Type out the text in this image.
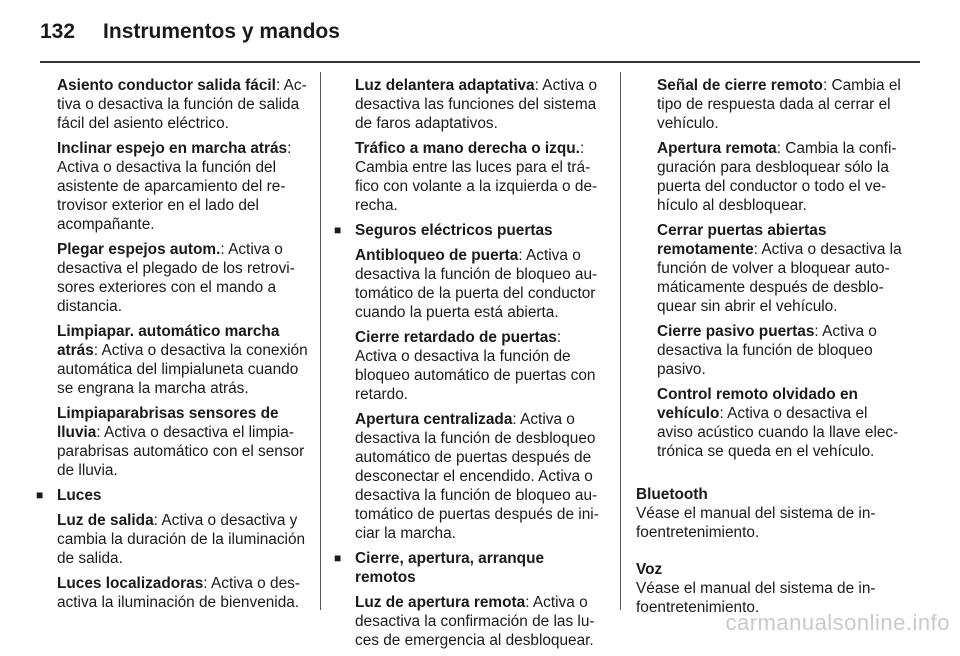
132 Instrumentos y mandos

Asiento conductor salida fácil: Activa o desactiva la función de salida fácil del asiento eléctrico.

Inclinar espejo en marcha atrás: Activa o desactiva la función del asistente de aparcamiento del retrovisor exterior en el lado del acompañante.

Plegar espejos autom.: Activa o desactiva el plegado de los retrovisores exteriores con el mando a distancia.

Limpiapar. automático marcha atrás: Activa o desactiva la conexión automática del limpialuneta cuando se engrana la marcha atrás.

Limpiaparabrisas sensores de lluvia: Activa o desactiva el limpiaparabrisas automático con el sensor de lluvia.

■ Luces

Luz de salida: Activa o desactiva y cambia la duración de la iluminación de salida.

Luces localizadoras: Activa o desactiva la iluminación de bienvenida.

Luz delantera adaptativa: Activa o desactiva las funciones del sistema de faros adaptativos.

Tráfico a mano derecha o izqu.: Cambia entre las luces para el tráfico con volante a la izquierda o derecha.

■ Seguros eléctricos puertas

Antibloqueo de puerta: Activa o desactiva la función de bloqueo automático de la puerta del conductor cuando la puerta está abierta.

Cierre retardado de puertas: Activa o desactiva la función de bloqueo automático de puertas con retardo.

Apertura centralizada: Activa o desactiva la función de desbloqueo automático de puertas después de desconectar el encendido. Activa o desactiva la función de bloqueo automático de puertas después de iniciar la marcha.

■ Cierre, apertura, arranque remotos

Luz de apertura remota: Activa o desactiva la confirmación de las luces de emergencia al desbloquear.

Señal de cierre remoto: Cambia el tipo de respuesta dada al cerrar el vehículo.

Apertura remota: Cambia la configuración para desbloquear sólo la puerta del conductor o todo el vehículo al desbloquear.

Cerrar puertas abiertas remotamente: Activa o desactiva la función de volver a bloquear automáticamente después de desbloquear sin abrir el vehículo.

Cierre pasivo puertas: Activa o desactiva la función de bloqueo pasivo.

Control remoto olvidado en vehículo: Activa o desactiva el aviso acústico cuando la llave electrónica se queda en el vehículo.

Bluetooth
Véase el manual del sistema de infoentretenimiento.
Voz
Véase el manual del sistema de infoentretenimiento.
carmanualsonline.info
